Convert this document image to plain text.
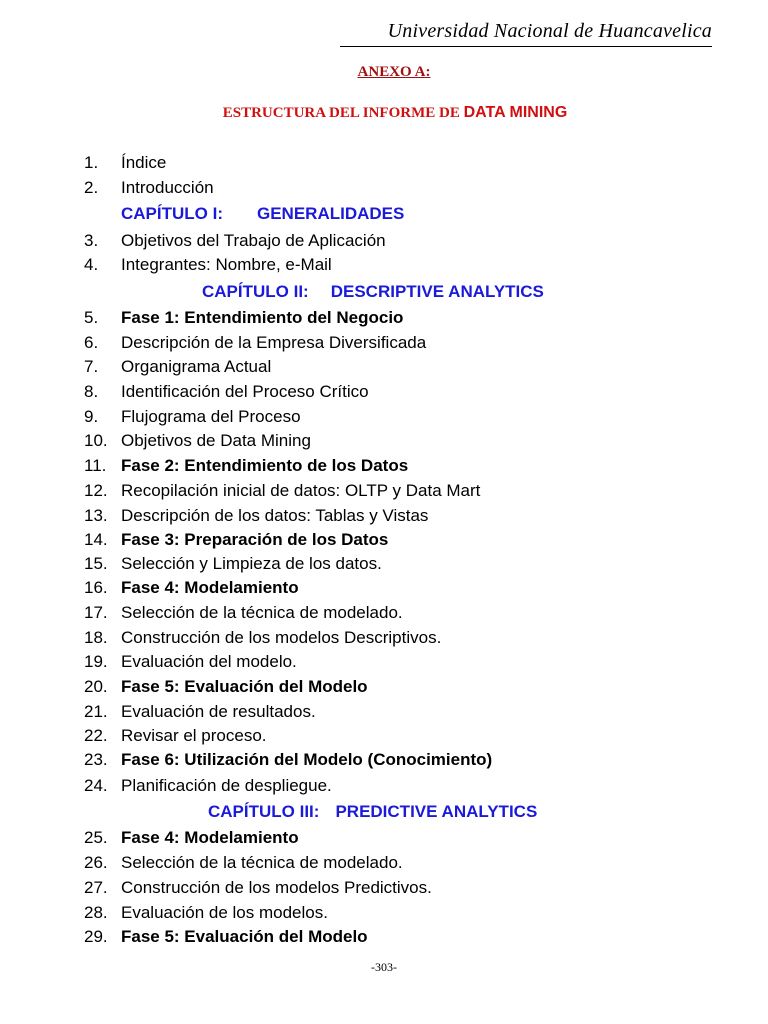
Universidad Nacional de Huancavelica
ANEXO A:
ESTRUCTURA DEL INFORME DE DATA MINING
1. Índice
2. Introducción
CAPÍTULO I: GENERALIDADES
3. Objetivos del Trabajo de Aplicación
4. Integrantes: Nombre, e-Mail
CAPÍTULO II: DESCRIPTIVE ANALYTICS
5. Fase 1: Entendimiento del Negocio
6. Descripción de la Empresa Diversificada
7. Organigrama Actual
8. Identificación del Proceso Crítico
9. Flujograma del Proceso
10. Objetivos de Data Mining
11. Fase 2: Entendimiento de los Datos
12. Recopilación inicial de datos: OLTP y Data Mart
13. Descripción de los datos: Tablas y Vistas
14. Fase 3: Preparación de los Datos
15. Selección y Limpieza de los datos.
16. Fase 4: Modelamiento
17. Selección de la técnica de modelado.
18. Construcción de los modelos Descriptivos.
19. Evaluación del modelo.
20. Fase 5: Evaluación del Modelo
21. Evaluación de resultados.
22. Revisar el proceso.
23. Fase 6: Utilización del Modelo (Conocimiento)
24. Planificación de despliegue.
CAPÍTULO III: PREDICTIVE ANALYTICS
25. Fase 4: Modelamiento
26. Selección de la técnica de modelado.
27. Construcción de los modelos Predictivos.
28. Evaluación de los modelos.
29. Fase 5: Evaluación del Modelo
-303-
